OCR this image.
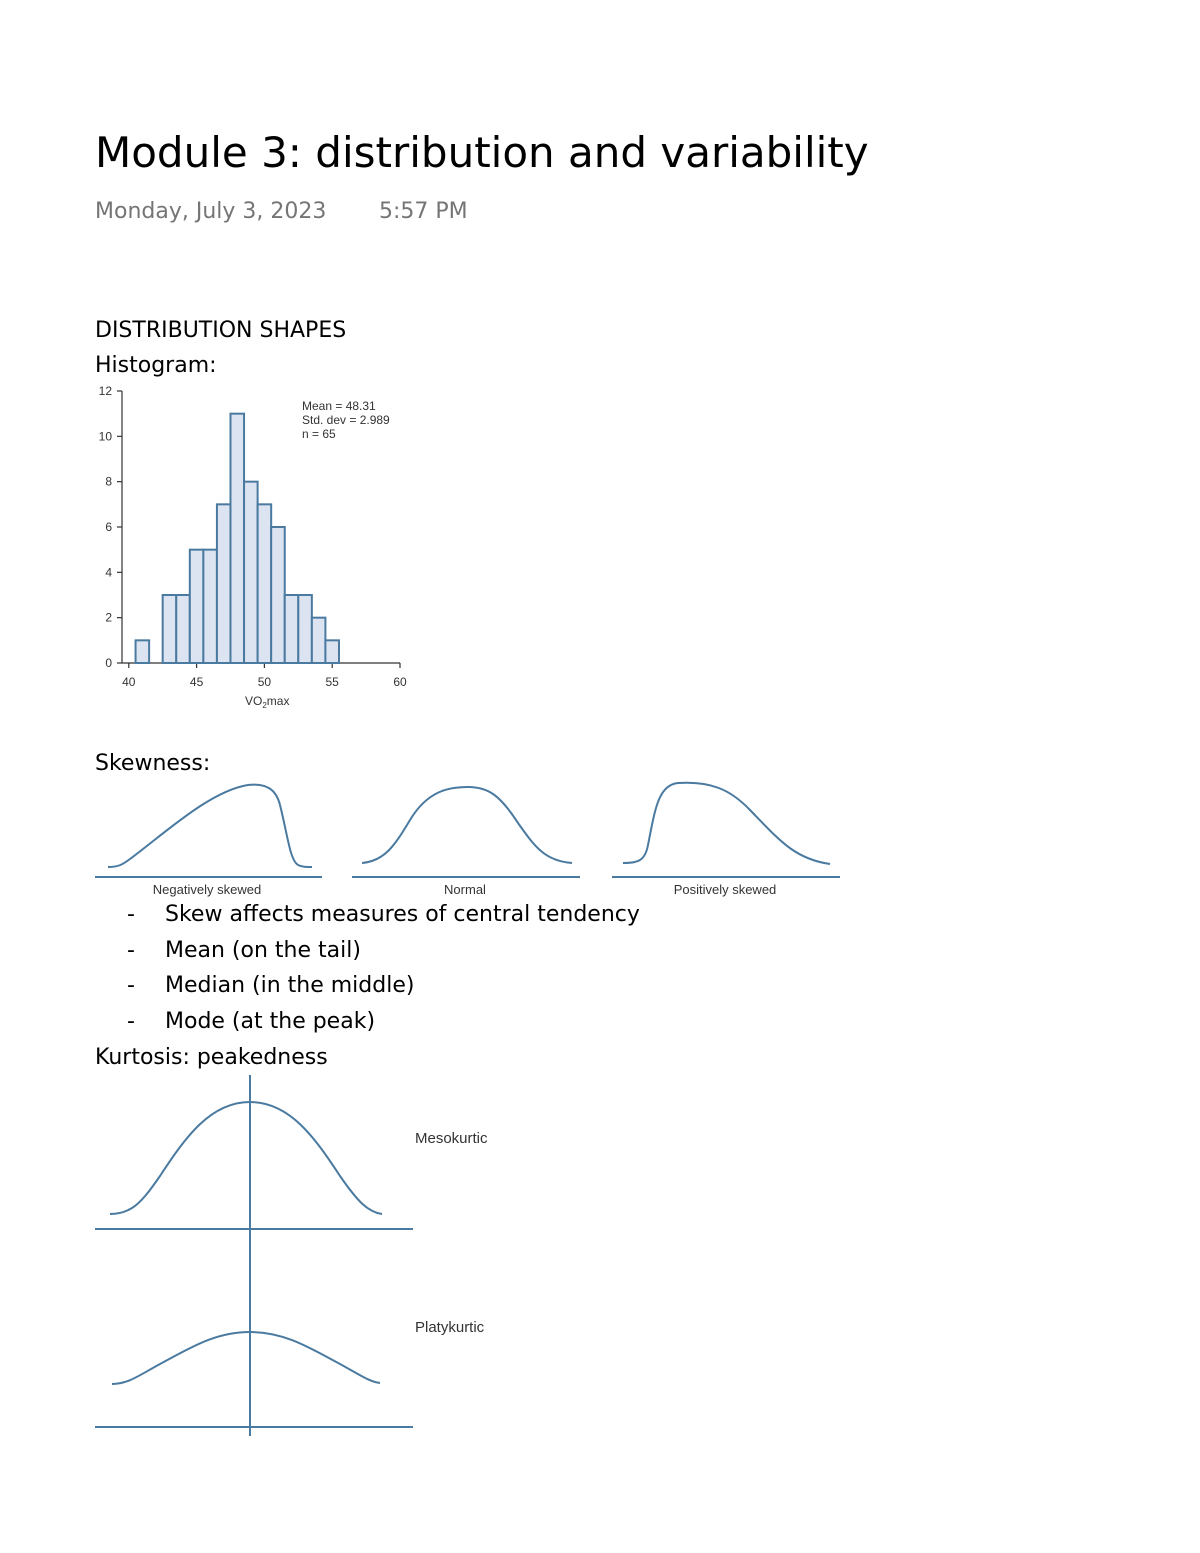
Module 3: distribution and variability
Monday, July 3, 2023 5:57 PM
DISTRIBUTION SHAPES
Histogram:
0
2
4
6
8
10
12
40	45	50	55	60
Mean = 48.31
Std. dev = 2.989
n = 65
$VO_2\max$
Skewness:
Negatively skewed	Normal	Positively skewed
- Skew affects measures of central tendency
- Mean (on the tail)
- Median (in the middle)
- Mode (at the peak)
Kurtosis: peakedness
Mesokurtic
Platykurtic
